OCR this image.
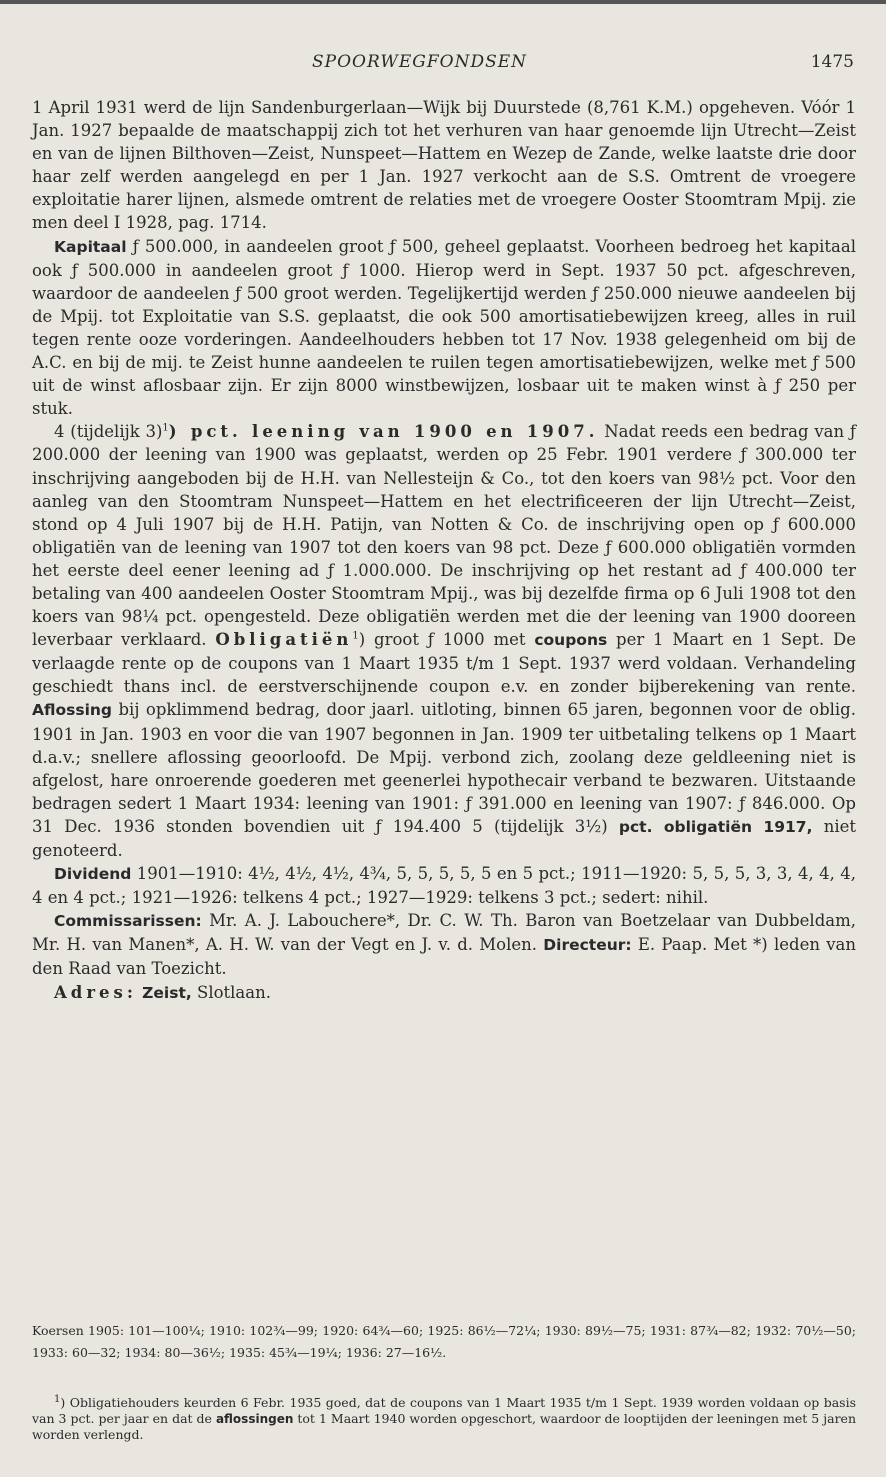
SPOORWEGFONDSEN	1475

1 April 1931 werd de lijn Sandenburgerlaan—Wijk bij Duurstede (8,761 K.M.) opgeheven. Vóór 1 Jan. 1927 bepaalde de maatschappij zich tot het verhuren van haar genoemde lijn Utrecht—Zeist en van de lijnen Bilthoven—Zeist, Nunspeet—Hattem en Wezep de Zande, welke laatste drie door haar zelf werden aangelegd en per 1 Jan. 1927 verkocht aan de S.S. Omtrent de vroegere exploitatie harer lijnen, alsmede omtrent de relaties met de vroegere Ooster Stoomtram Mpij. zie men deel I 1928, pag. 1714.

Kapitaal ƒ 500.000, in aandeelen groot ƒ 500, geheel geplaatst. Voorheen bedroeg het kapitaal ook ƒ 500.000 in aandeelen groot ƒ 1000. Hierop werd in Sept. 1937 50 pct. afgeschreven, waardoor de aandeelen ƒ 500 groot werden. Tegelijkertijd werden ƒ 250.000 nieuwe aandeelen bij de Mpij. tot Exploitatie van S.S. geplaatst, die ook 500 amortisatiebewijzen kreeg, alles in ruil tegen rente ooze vorderingen. Aandeelhouders hebben tot 17 Nov. 1938 gelegenheid om bij de A.C. en bij de mij. te Zeist hunne aandeelen te ruilen tegen amortisatiebewijzen, welke met ƒ 500 uit de winst aflosbaar zijn. Er zijn 8000 winstbewijzen, losbaar uit te maken winst à ƒ 250 per stuk.

4 (tijdelijk 3)$^1$) pct. leening van 1900 en 1907. Nadat reeds een bedrag van ƒ 200.000 der leening van 1900 was geplaatst, werden op 25 Febr. 1901 verdere ƒ 300.000 ter inschrijving aangeboden bij de H.H. van Nellesteijn & Co., tot den koers van 98½ pct. Voor den aanleg van den Stoomtram Nunspeet—Hattem en het electrificeeren der lijn Utrecht—Zeist, stond op 4 Juli 1907 bij de H.H. Patijn, van Notten & Co. de inschrijving open op ƒ 600.000 obligatiën van de leening van 1907 tot den koers van 98 pct. Deze ƒ 600.000 obligatiën vormden het eerste deel eener leening ad ƒ 1.000.000. De inschrijving op het restant ad ƒ 400.000 ter betaling van 400 aandeelen Ooster Stoomtram Mpij., was bij dezelfde firma op 6 Juli 1908 tot den koers van 98¼ pct. opengesteld. Deze obligatiën werden met die der leening van 1900 dooreen leverbaar verklaard. Obligatiën$^1$) groot ƒ 1000 met coupons per 1 Maart en 1 Sept. De verlaagde rente op de coupons van 1 Maart 1935 t/m 1 Sept. 1937 werd voldaan. Verhandeling geschiedt thans incl. de eerstverschijnende coupon e.v. en zonder bijberekening van rente. Aflossing bij opklimmend bedrag, door jaarl. uitloting, binnen 65 jaren, begonnen voor de oblig. 1901 in Jan. 1903 en voor die van 1907 begonnen in Jan. 1909 ter uitbetaling telkens op 1 Maart d.a.v.; snellere aflossing geoorloofd. De Mpij. verbond zich, zoolang deze geldleening niet is afgelost, hare onroerende goederen met geenerlei hypothecair verband te bezwaren. Uitstaande bedragen sedert 1 Maart 1934: leening van 1901: ƒ 391.000 en leening van 1907: ƒ 846.000. Op 31 Dec. 1936 stonden bovendien uit ƒ 194.400 5 (tijdelijk 3½) pct. obligatiën 1917, niet genoteerd.

Dividend 1901—1910: 4½, 4½, 4½, 4¾, 5, 5, 5, 5, 5 en 5 pct.; 1911—1920: 5, 5, 5, 3, 3, 4, 4, 4, 4 en 4 pct.; 1921—1926: telkens 4 pct.; 1927—1929: telkens 3 pct.; sedert: nihil.

Commissarissen: Mr. A. J. Labouchere*, Dr. C. W. Th. Baron van Boetzelaar van Dubbeldam, Mr. H. van Manen*, A. H. W. van der Vegt en J. v. d. Molen. Directeur: E. Paap. Met *) leden van den Raad van Toezicht.

Adres: Zeist, Slotlaan.

Koersen 1905: 101—100¼; 1910: 102¾—99; 1920: 64¾—60; 1925: 86½—72¼; 1930: 89½—75; 1931: 87¾—82; 1932: 70½—50; 1933: 60—32; 1934: 80—36½; 1935: 45¾—19¼; 1936: 27—16½.

$^1$) Obligatiehouders keurden 6 Febr. 1935 goed, dat de coupons van 1 Maart 1935 t/m 1 Sept. 1939 worden voldaan op basis van 3 pct. per jaar en dat de aflossingen tot 1 Maart 1940 worden opgeschort, waardoor de looptijden der leeningen met 5 jaren worden verlengd.
